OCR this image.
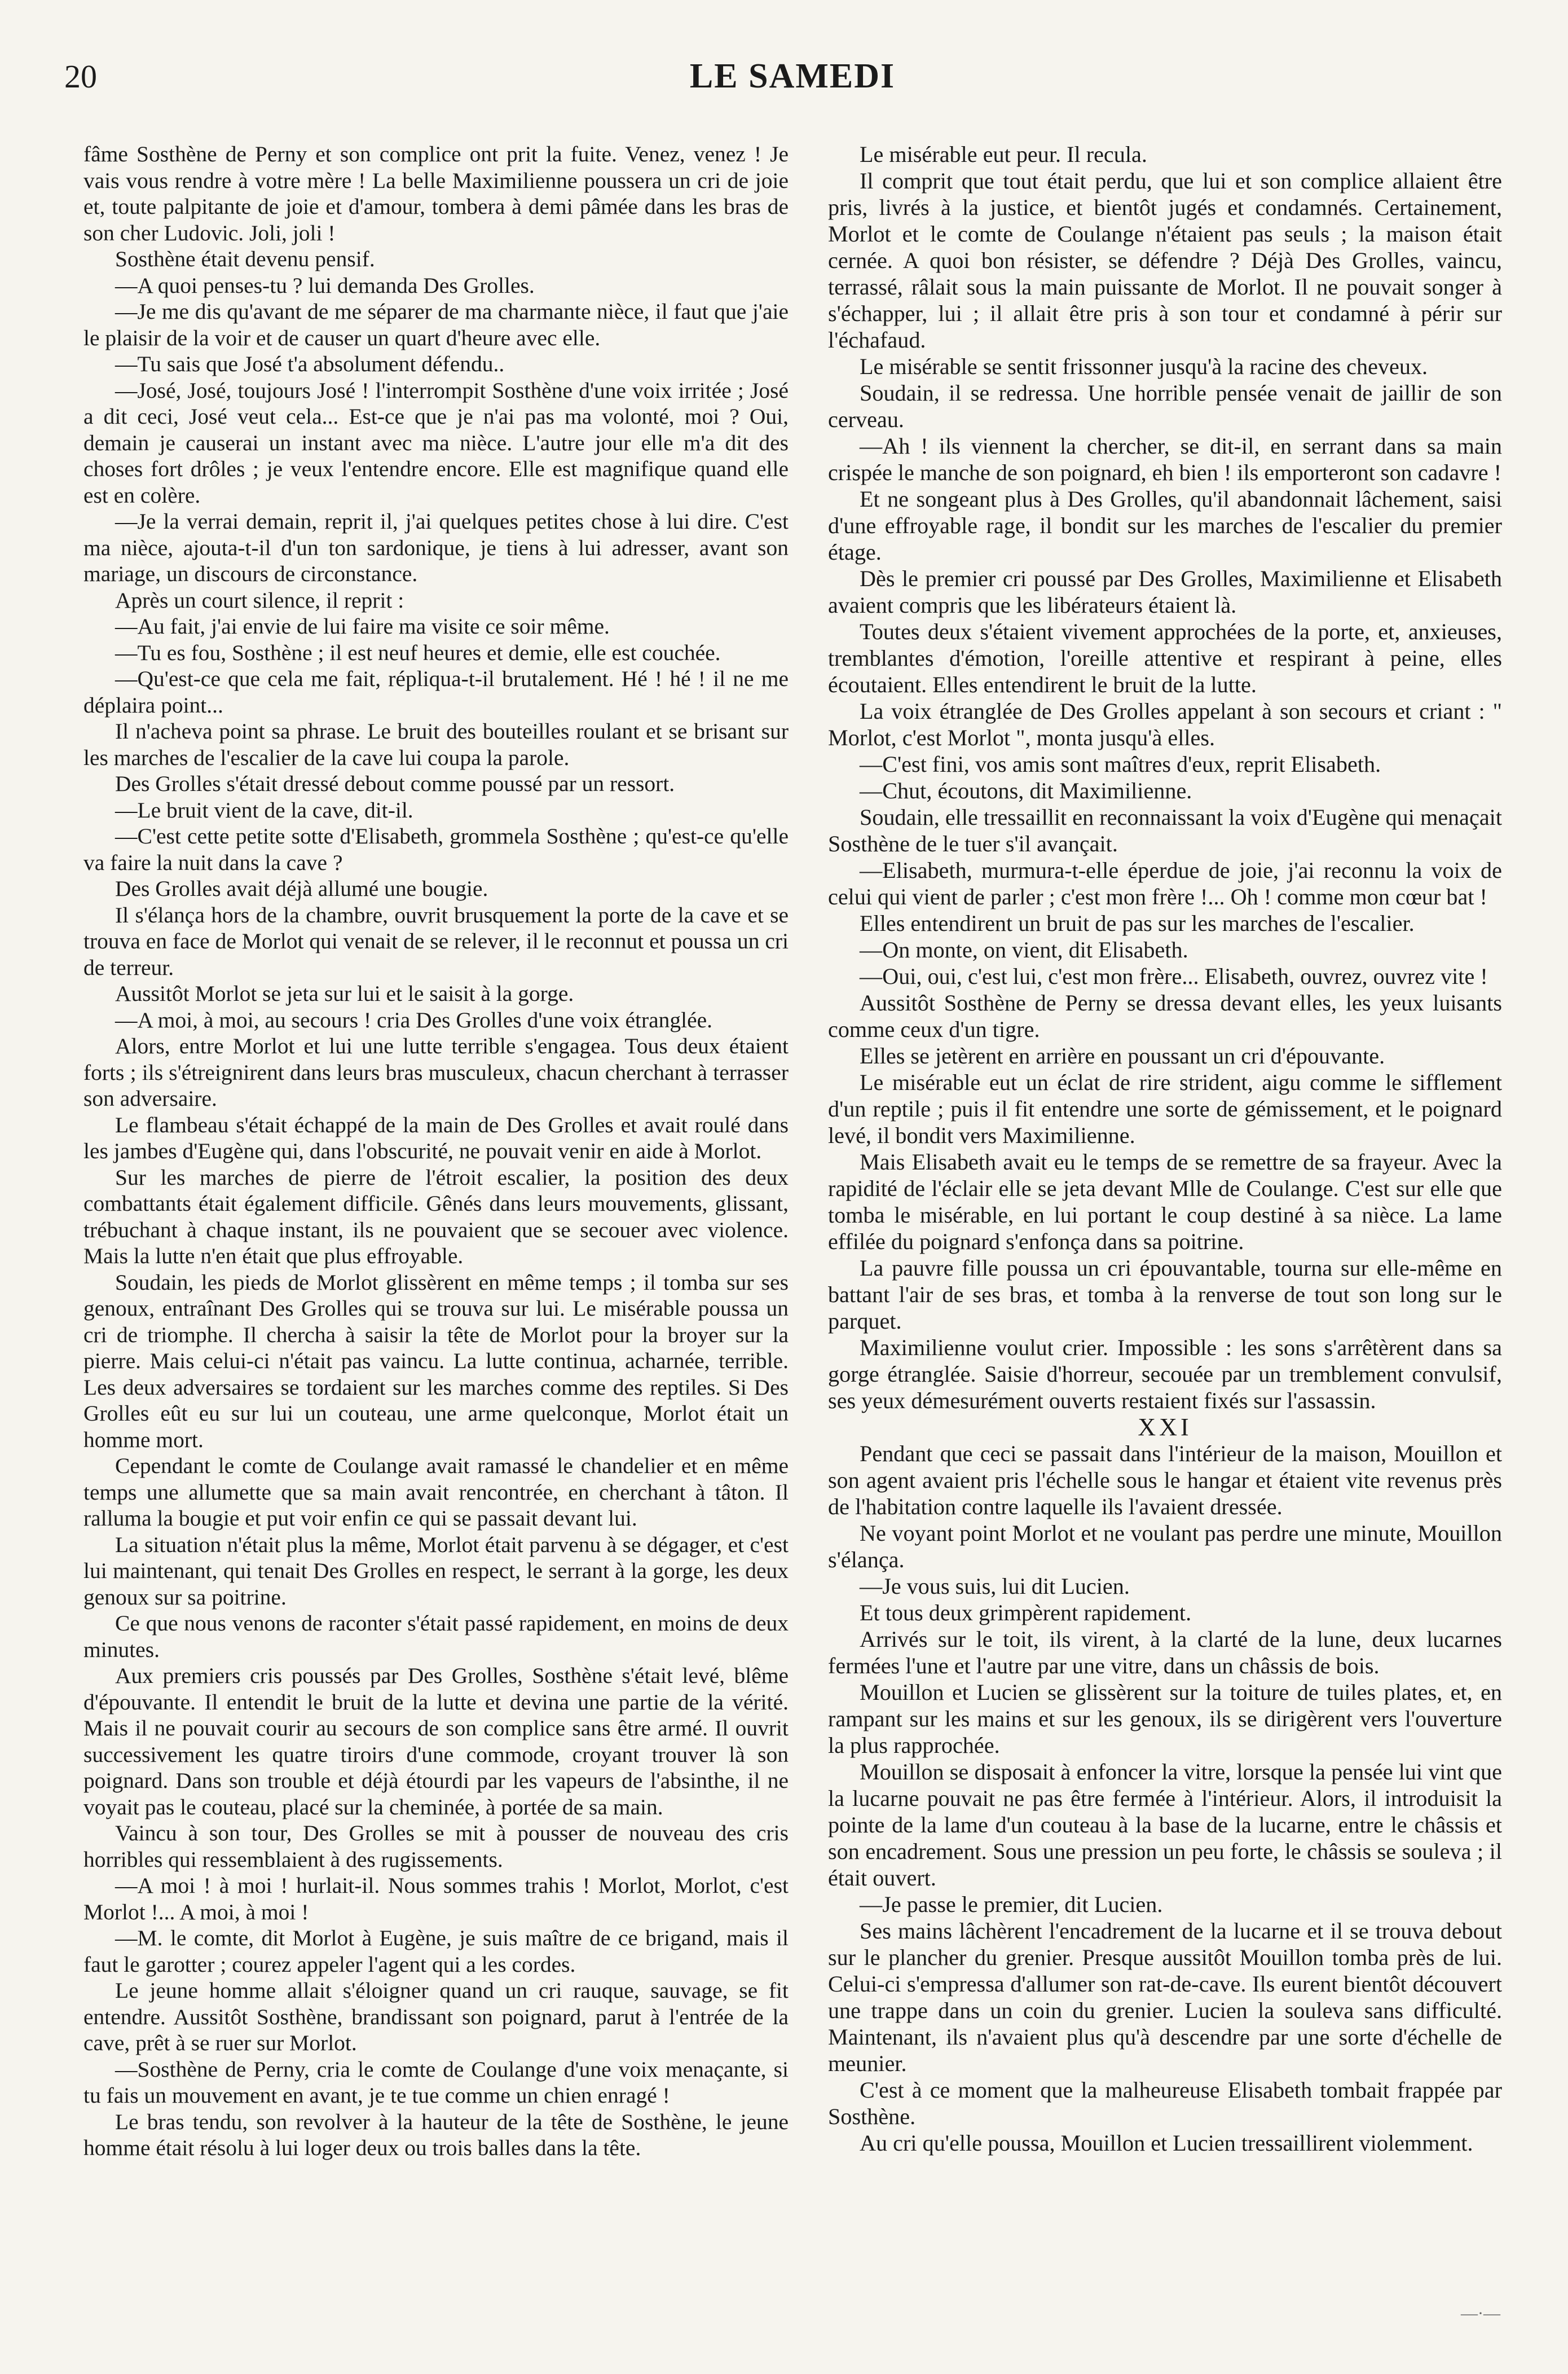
20	LE SAMEDI

fâme Sosthène de Perny et son complice ont prit la fuite. Venez, venez ! Je vais vous rendre à votre mère ! La belle Maximilienne poussera un cri de joie et, toute palpitante de joie et d'amour, tombera à demi pâmée dans les bras de son cher Ludovic. Joli, joli !

Sosthène était devenu pensif.

—A quoi penses-tu ? lui demanda Des Grolles.

—Je me dis qu'avant de me séparer de ma charmante nièce, il faut que j'aie le plaisir de la voir et de causer un quart d'heure avec elle.

—Tu sais que José t'a absolument défendu..

—José, José, toujours José ! l'interrompit Sosthène d'une voix irritée ; José a dit ceci, José veut cela... Est-ce que je n'ai pas ma volonté, moi ? Oui, demain je causerai un instant avec ma nièce. L'autre jour elle m'a dit des choses fort drôles ; je veux l'entendre encore. Elle est magnifique quand elle est en colère.

—Je la verrai demain, reprit il, j'ai quelques petites chose à lui dire. C'est ma nièce, ajouta-t-il d'un ton sardonique, je tiens à lui adresser, avant son mariage, un discours de circonstance.

Après un court silence, il reprit :

—Au fait, j'ai envie de lui faire ma visite ce soir même.

—Tu es fou, Sosthène ; il est neuf heures et demie, elle est couchée.

—Qu'est-ce que cela me fait, répliqua-t-il brutalement. Hé ! hé ! il ne me déplaira point...

Il n'acheva point sa phrase. Le bruit des bouteilles roulant et se brisant sur les marches de l'escalier de la cave lui coupa la parole.

Des Grolles s'était dressé debout comme poussé par un ressort.

—Le bruit vient de la cave, dit-il.

—C'est cette petite sotte d'Elisabeth, grommela Sosthène ; qu'est-ce qu'elle va faire la nuit dans la cave ?

Des Grolles avait déjà allumé une bougie.

Il s'élança hors de la chambre, ouvrit brusquement la porte de la cave et se trouva en face de Morlot qui venait de se relever, il le reconnut et poussa un cri de terreur.

Aussitôt Morlot se jeta sur lui et le saisit à la gorge.

—A moi, à moi, au secours ! cria Des Grolles d'une voix étranglée.

Alors, entre Morlot et lui une lutte terrible s'engagea. Tous deux étaient forts ; ils s'étreignirent dans leurs bras musculeux, chacun cherchant à terrasser son adversaire.

Le flambeau s'était échappé de la main de Des Grolles et avait roulé dans les jambes d'Eugène qui, dans l'obscurité, ne pouvait venir en aide à Morlot.

Sur les marches de pierre de l'étroit escalier, la position des deux combattants était également difficile. Gênés dans leurs mouvements, glissant, trébuchant à chaque instant, ils ne pouvaient que se secouer avec violence. Mais la lutte n'en était que plus effroyable.

Soudain, les pieds de Morlot glissèrent en même temps ; il tomba sur ses genoux, entraînant Des Grolles qui se trouva sur lui. Le misérable poussa un cri de triomphe. Il chercha à saisir la tête de Morlot pour la broyer sur la pierre. Mais celui-ci n'était pas vaincu. La lutte continua, acharnée, terrible. Les deux adversaires se tordaient sur les marches comme des reptiles. Si Des Grolles eût eu sur lui un couteau, une arme quelconque, Morlot était un homme mort.

Cependant le comte de Coulange avait ramassé le chandelier et en même temps une allumette que sa main avait rencontrée, en cherchant à tâton. Il ralluma la bougie et put voir enfin ce qui se passait devant lui.

La situation n'était plus la même, Morlot était parvenu à se dégager, et c'est lui maintenant, qui tenait Des Grolles en respect, le serrant à la gorge, les deux genoux sur sa poitrine.

Ce que nous venons de raconter s'était passé rapidement, en moins de deux minutes.

Aux premiers cris poussés par Des Grolles, Sosthène s'était levé, blême d'épouvante. Il entendit le bruit de la lutte et devina une partie de la vérité. Mais il ne pouvait courir au secours de son complice sans être armé. Il ouvrit successivement les quatre tiroirs d'une commode, croyant trouver là son poignard. Dans son trouble et déjà étourdi par les vapeurs de l'absinthe, il ne voyait pas le couteau, placé sur la cheminée, à portée de sa main.

Vaincu à son tour, Des Grolles se mit à pousser de nouveau des cris horribles qui ressemblaient à des rugissements.

—A moi ! à moi ! hurlait-il. Nous sommes trahis ! Morlot, Morlot, c'est Morlot !... A moi, à moi !

—M. le comte, dit Morlot à Eugène, je suis maître de ce brigand, mais il faut le garotter ; courez appeler l'agent qui a les cordes.

Le jeune homme allait s'éloigner quand un cri rauque, sauvage, se fit entendre. Aussitôt Sosthène, brandissant son poignard, parut à l'entrée de la cave, prêt à se ruer sur Morlot.

—Sosthène de Perny, cria le comte de Coulange d'une voix menaçante, si tu fais un mouvement en avant, je te tue comme un chien enragé !

Le bras tendu, son revolver à la hauteur de la tête de Sosthène, le jeune homme était résolu à lui loger deux ou trois balles dans la tête.

Le misérable eut peur. Il recula.

Il comprit que tout était perdu, que lui et son complice allaient être pris, livrés à la justice, et bientôt jugés et condamnés. Certainement, Morlot et le comte de Coulange n'étaient pas seuls ; la maison était cernée. A quoi bon résister, se défendre ? Déjà Des Grolles, vaincu, terrassé, râlait sous la main puissante de Morlot. Il ne pouvait songer à s'échapper, lui ; il allait être pris à son tour et condamné à périr sur l'échafaud.

Le misérable se sentit frissonner jusqu'à la racine des cheveux.

Soudain, il se redressa. Une horrible pensée venait de jaillir de son cerveau.

—Ah ! ils viennent la chercher, se dit-il, en serrant dans sa main crispée le manche de son poignard, eh bien ! ils emporteront son cadavre !

Et ne songeant plus à Des Grolles, qu'il abandonnait lâchement, saisi d'une effroyable rage, il bondit sur les marches de l'escalier du premier étage.

Dès le premier cri poussé par Des Grolles, Maximilienne et Elisabeth avaient compris que les libérateurs étaient là.

Toutes deux s'étaient vivement approchées de la porte, et, anxieuses, tremblantes d'émotion, l'oreille attentive et respirant à peine, elles écoutaient. Elles entendirent le bruit de la lutte.

La voix étranglée de Des Grolles appelant à son secours et criant : " Morlot, c'est Morlot ", monta jusqu'à elles.

—C'est fini, vos amis sont maîtres d'eux, reprit Elisabeth.

—Chut, écoutons, dit Maximilienne.

Soudain, elle tressaillit en reconnaissant la voix d'Eugène qui menaçait Sosthène de le tuer s'il avançait.

—Elisabeth, murmura-t-elle éperdue de joie, j'ai reconnu la voix de celui qui vient de parler ; c'est mon frère !... Oh ! comme mon cœur bat !

Elles entendirent un bruit de pas sur les marches de l'escalier.

—On monte, on vient, dit Elisabeth.

—Oui, oui, c'est lui, c'est mon frère... Elisabeth, ouvrez, ouvrez vite !

Aussitôt Sosthène de Perny se dressa devant elles, les yeux luisants comme ceux d'un tigre.

Elles se jetèrent en arrière en poussant un cri d'épouvante.

Le misérable eut un éclat de rire strident, aigu comme le sifflement d'un reptile ; puis il fit entendre une sorte de gémissement, et le poignard levé, il bondit vers Maximilienne.

Mais Elisabeth avait eu le temps de se remettre de sa frayeur. Avec la rapidité de l'éclair elle se jeta devant Mlle de Coulange. C'est sur elle que tomba le misérable, en lui portant le coup destiné à sa nièce. La lame effilée du poignard s'enfonça dans sa poitrine.

La pauvre fille poussa un cri épouvantable, tourna sur elle-même en battant l'air de ses bras, et tomba à la renverse de tout son long sur le parquet.

Maximilienne voulut crier. Impossible : les sons s'arrêtèrent dans sa gorge étranglée. Saisie d'horreur, secouée par un tremblement convulsif, ses yeux démesurément ouverts restaient fixés sur l'assassin.

XXI

Pendant que ceci se passait dans l'intérieur de la maison, Mouillon et son agent avaient pris l'échelle sous le hangar et étaient vite revenus près de l'habitation contre laquelle ils l'avaient dressée.

Ne voyant point Morlot et ne voulant pas perdre une minute, Mouillon s'élança.

—Je vous suis, lui dit Lucien.

Et tous deux grimpèrent rapidement.

Arrivés sur le toit, ils virent, à la clarté de la lune, deux lucarnes fermées l'une et l'autre par une vitre, dans un châssis de bois.

Mouillon et Lucien se glissèrent sur la toiture de tuiles plates, et, en rampant sur les mains et sur les genoux, ils se dirigèrent vers l'ouverture la plus rapprochée.

Mouillon se disposait à enfoncer la vitre, lorsque la pensée lui vint que la lucarne pouvait ne pas être fermée à l'intérieur. Alors, il introduisit la pointe de la lame d'un couteau à la base de la lucarne, entre le châssis et son encadrement. Sous une pression un peu forte, le châssis se souleva ; il était ouvert.

—Je passe le premier, dit Lucien.

Ses mains lâchèrent l'encadrement de la lucarne et il se trouva debout sur le plancher du grenier. Presque aussitôt Mouillon tomba près de lui. Celui-ci s'empressa d'allumer son rat-de-cave. Ils eurent bientôt découvert une trappe dans un coin du grenier. Lucien la souleva sans difficulté. Maintenant, ils n'avaient plus qu'à descendre par une sorte d'échelle de meunier.

C'est à ce moment que la malheureuse Elisabeth tombait frappée par Sosthène.

Au cri qu'elle poussa, Mouillon et Lucien tressaillirent violemment.

—·—
